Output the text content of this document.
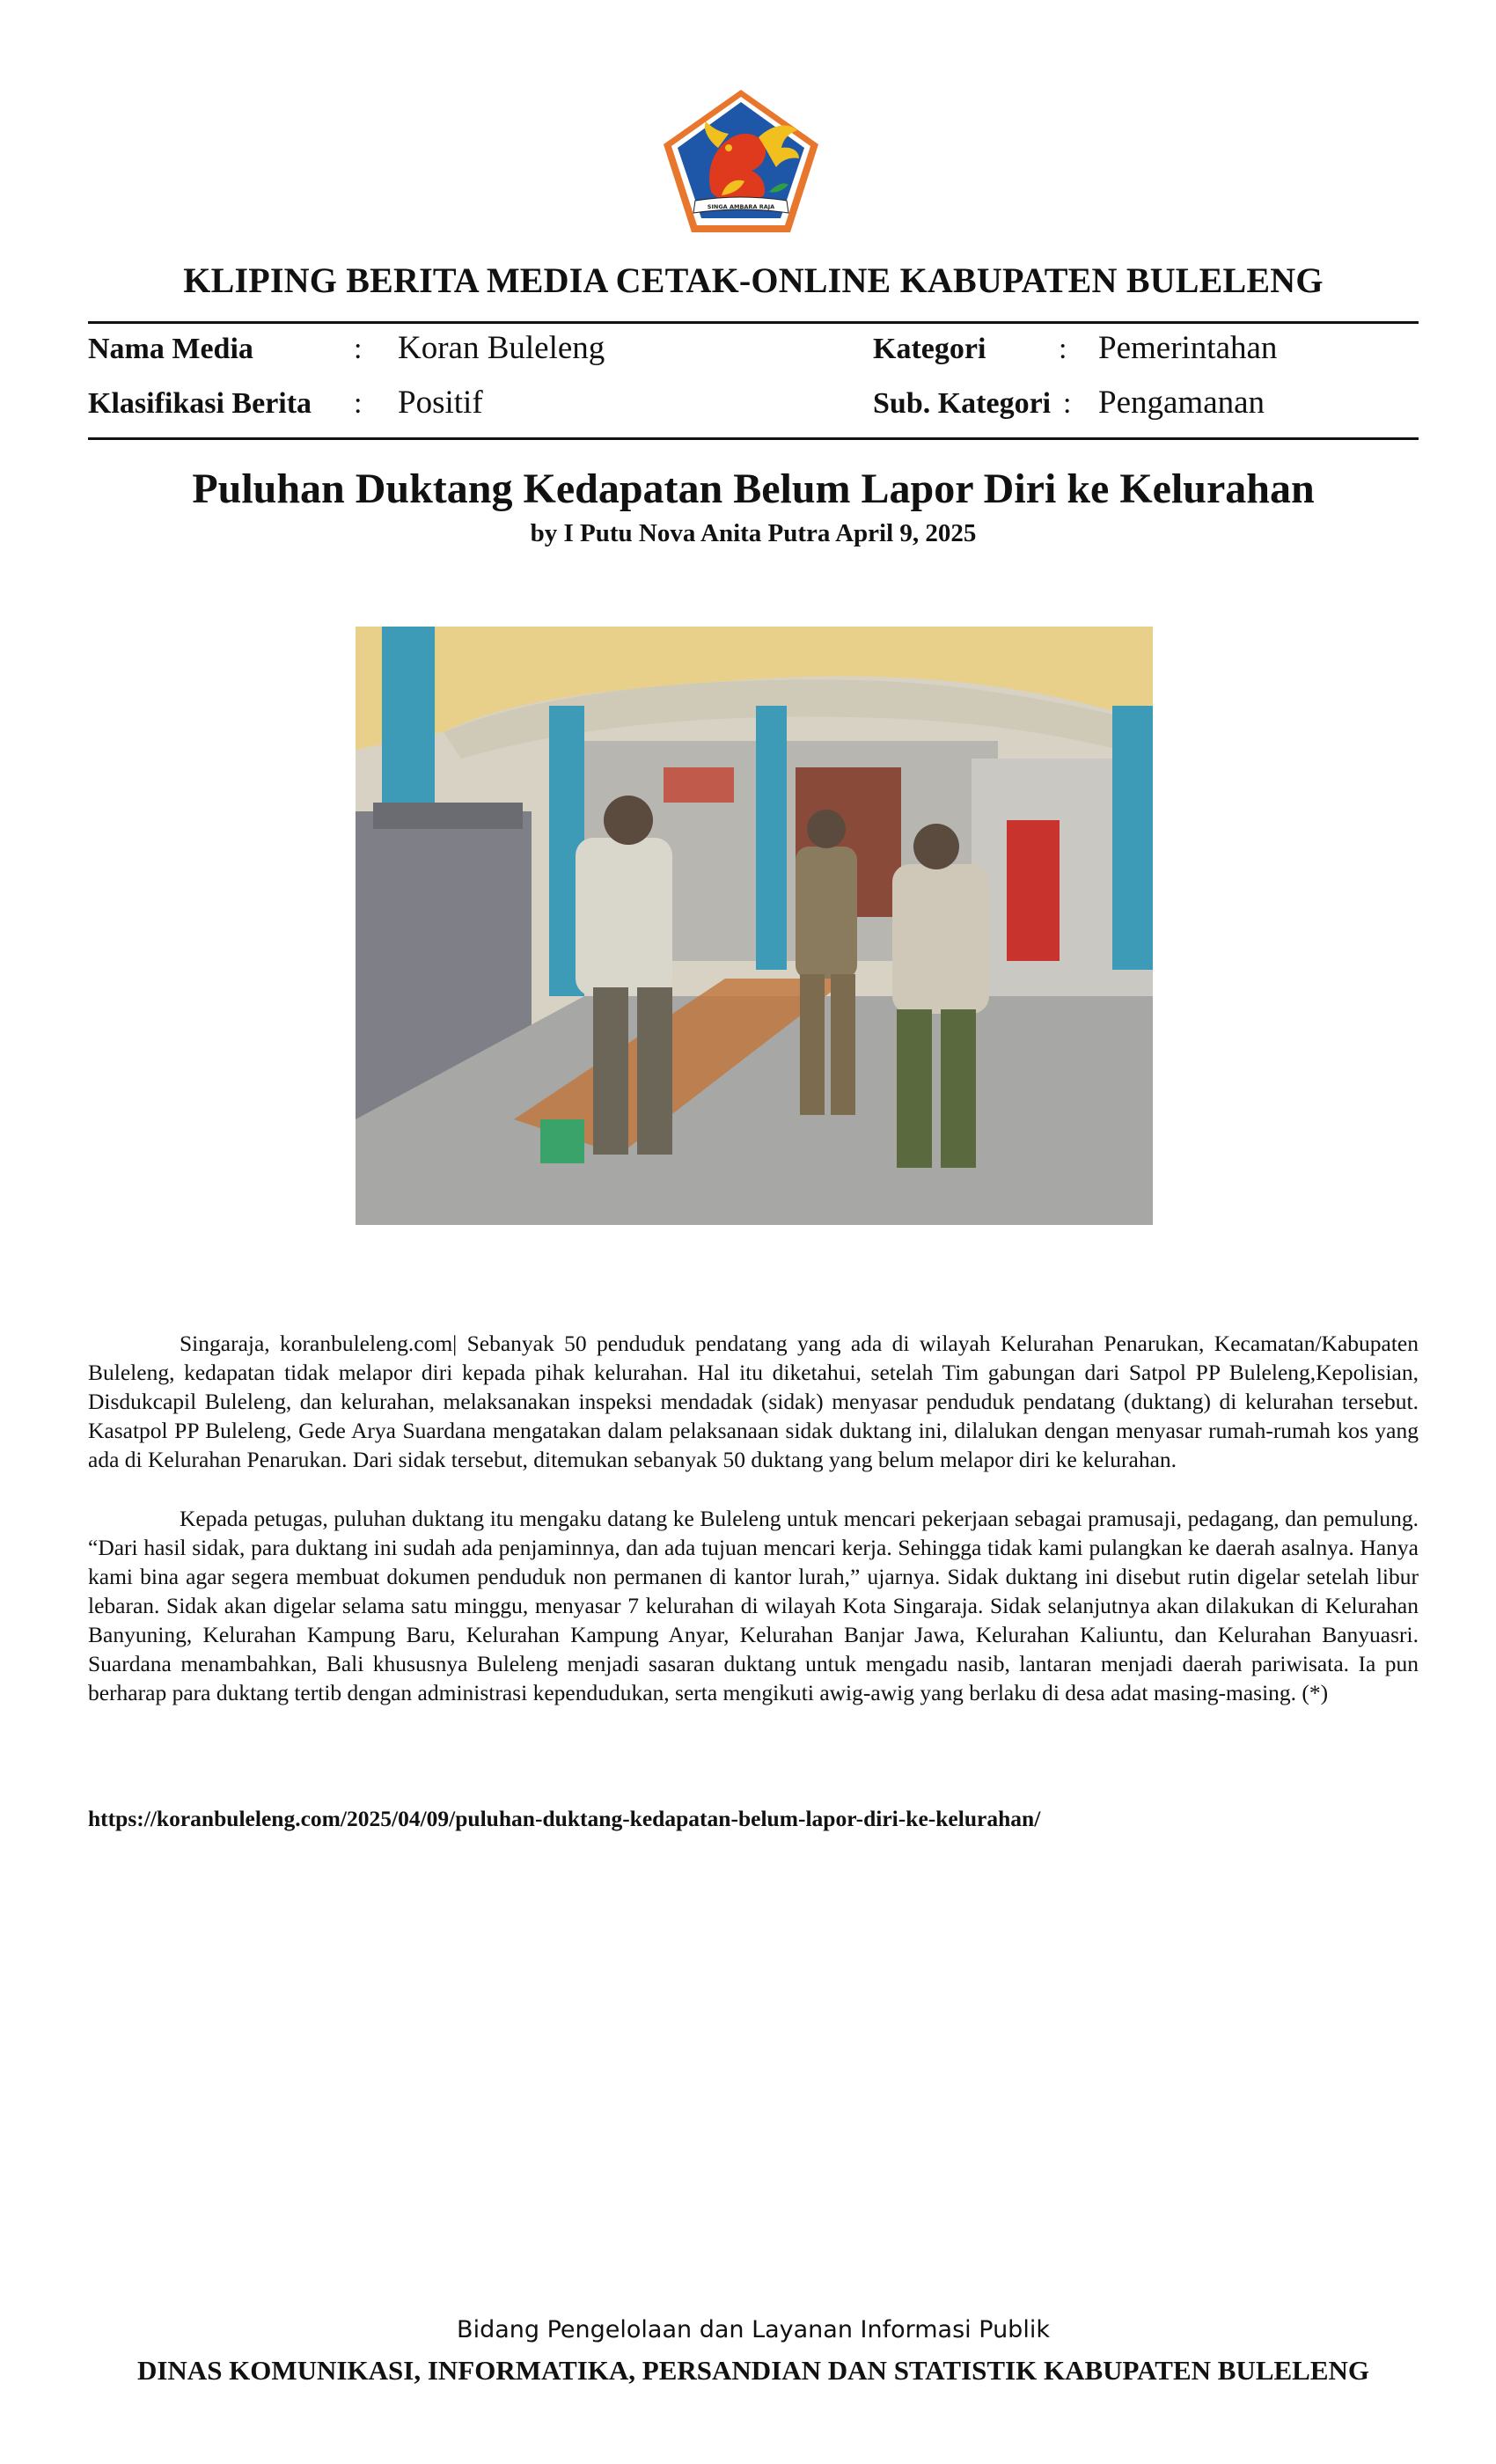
SINGA AMBARA RAJA
KLIPING BERITA MEDIA CETAK-ONLINE KABUPATEN BULELENG
Nama Media	: Koran Buleleng	Kategori : Pemerintahan
Klasifikasi Berita : Positif	Sub. Kategori : Pengamanan
Puluhan Duktang Kedapatan Belum Lapor Diri ke Kelurahan
by I Putu Nova Anita Putra April 9, 2025

Singaraja, koranbuleleng.com| Sebanyak 50 penduduk pendatang yang ada di wilayah Kelurahan Penarukan, Kecamatan/Kabupaten Buleleng, kedapatan tidak melapor diri kepada pihak kelurahan. Hal itu diketahui, setelah Tim gabungan dari Satpol PP Buleleng,Kepolisian, Disdukcapil Buleleng, dan kelurahan, melaksanakan inspeksi mendadak (sidak) menyasar penduduk pendatang (duktang) di kelurahan tersebut. Kasatpol PP Buleleng, Gede Arya Suardana mengatakan dalam pelaksanaan sidak duktang ini, dilalukan dengan menyasar rumah-rumah kos yang ada di Kelurahan Penarukan. Dari sidak tersebut, ditemukan sebanyak 50 duktang yang belum melapor diri ke kelurahan.

Kepada petugas, puluhan duktang itu mengaku datang ke Buleleng untuk mencari pekerjaan sebagai pramusaji, pedagang, dan pemulung. “Dari hasil sidak, para duktang ini sudah ada penjaminnya, dan ada tujuan mencari kerja. Sehingga tidak kami pulangkan ke daerah asalnya. Hanya kami bina agar segera membuat dokumen penduduk non permanen di kantor lurah,” ujarnya. Sidak duktang ini disebut rutin digelar setelah libur lebaran. Sidak akan digelar selama satu minggu, menyasar 7 kelurahan di wilayah Kota Singaraja. Sidak selanjutnya akan dilakukan di Kelurahan Banyuning, Kelurahan Kampung Baru, Kelurahan Kampung Anyar, Kelurahan Banjar Jawa, Kelurahan Kaliuntu, dan Kelurahan Banyuasri. Suardana menambahkan, Bali khususnya Buleleng menjadi sasaran duktang untuk mengadu nasib, lantaran menjadi daerah pariwisata. Ia pun berharap para duktang tertib dengan administrasi kependudukan, serta mengikuti awig-awig yang berlaku di desa adat masing-masing. (*)

https://koranbuleleng.com/2025/04/09/puluhan-duktang-kedapatan-belum-lapor-diri-ke-kelurahan/
Bidang Pengelolaan dan Layanan Informasi Publik
DINAS KOMUNIKASI, INFORMATIKA, PERSANDIAN DAN STATISTIK KABUPATEN BULELENG
